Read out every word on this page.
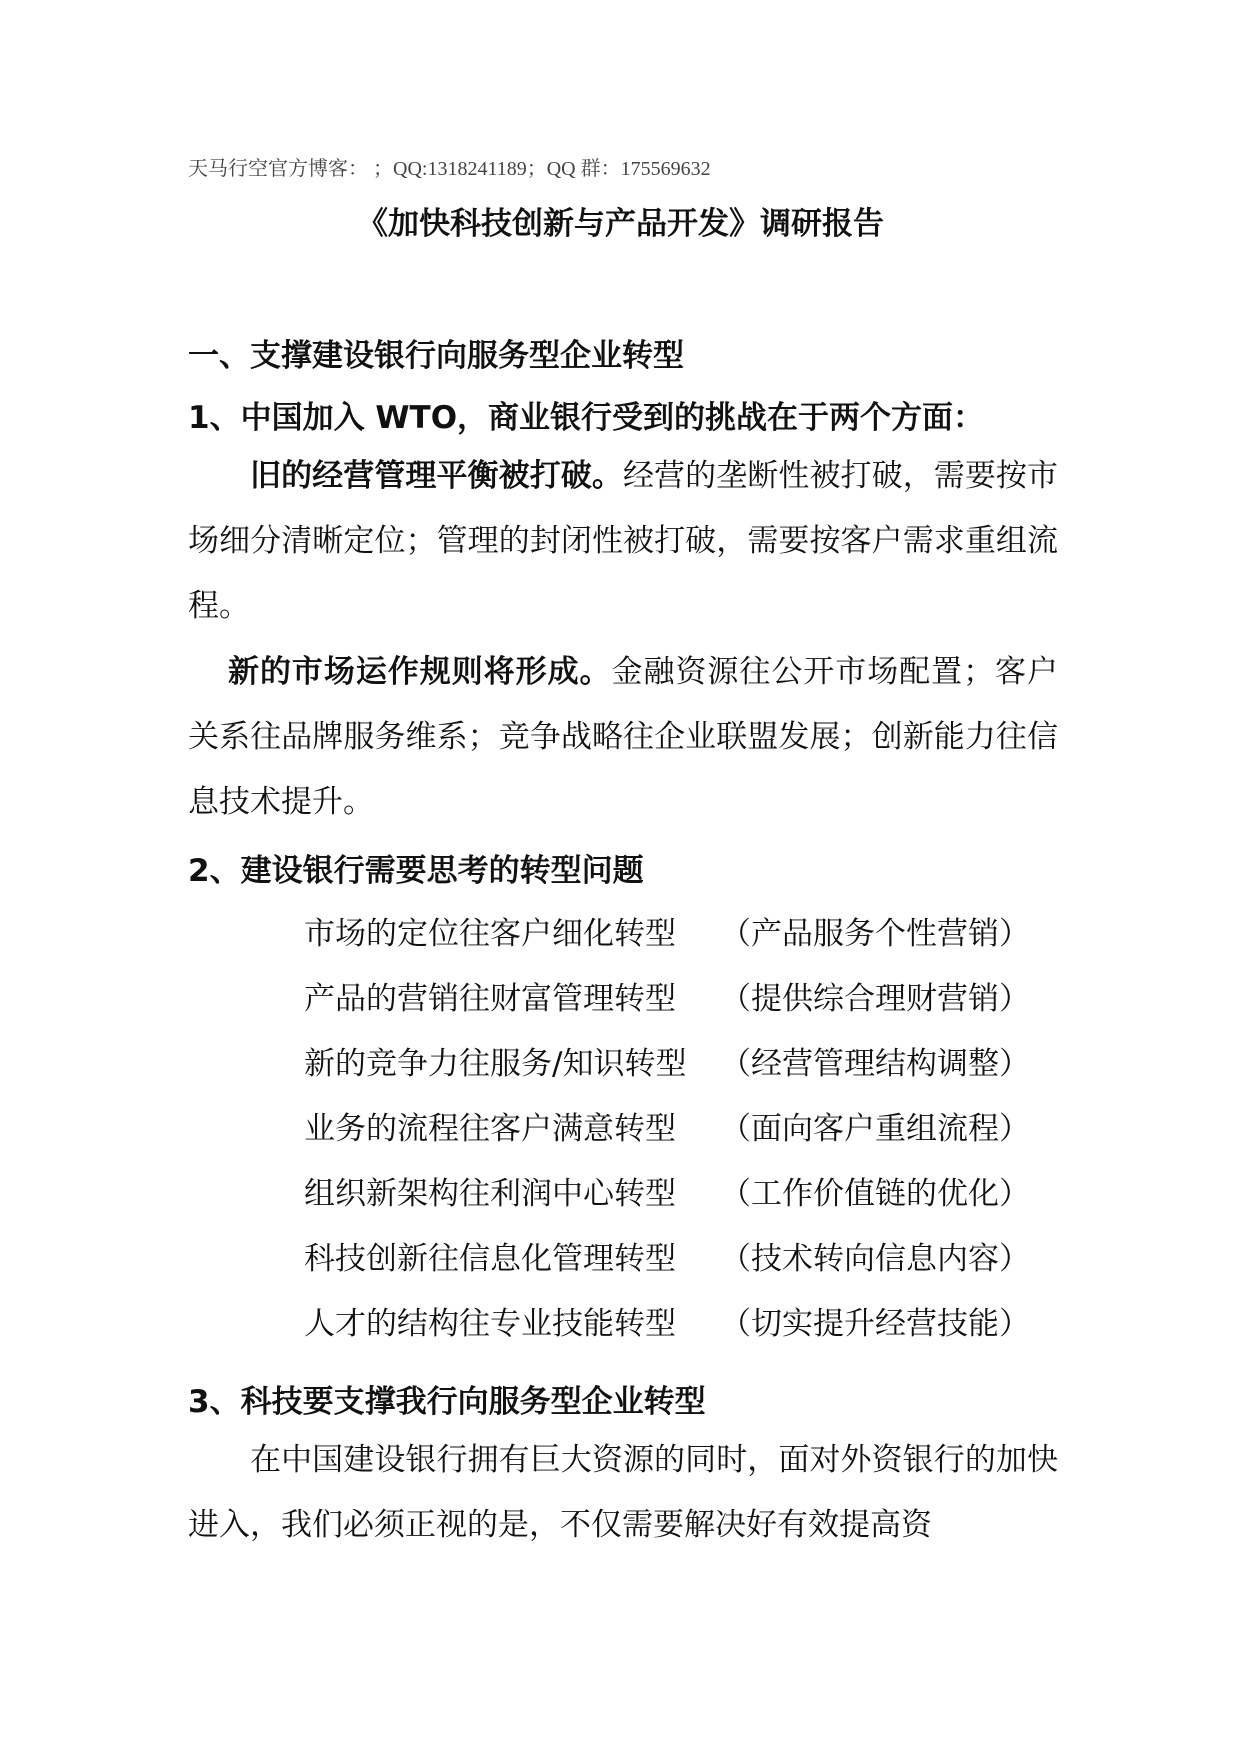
天马行空官方博客： ；QQ:1318241189；QQ 群：175569632
《加快科技创新与产品开发》调研报告
一、支撑建设银行向服务型企业转型
1、中国加入 WTO，商业银行受到的挑战在于两个方面：

旧的经营管理平衡被打破。经营的垄断性被打破，需要按市场细分清晰定位；管理的封闭性被打破，需要按客户需求重组流程。

新的市场运作规则将形成。金融资源往公开市场配置；客户关系往品牌服务维系；竞争战略往企业联盟发展；创新能力往信息技术提升。

2、建设银行需要思考的转型问题
市场的定位往客户细化转型 （产品服务个性营销）
产品的营销往财富管理转型 （提供综合理财营销）
新的竞争力往服务/知识转型 （经营管理结构调整）
业务的流程往客户满意转型 （面向客户重组流程）
组织新架构往利润中心转型 （工作价值链的优化）
科技创新往信息化管理转型 （技术转向信息内容）
人才的结构往专业技能转型 （切实提升经营技能）
3、科技要支撑我行向服务型企业转型

在中国建设银行拥有巨大资源的同时，面对外资银行的加快进入，我们必须正视的是，不仅需要解决好有效提高资
